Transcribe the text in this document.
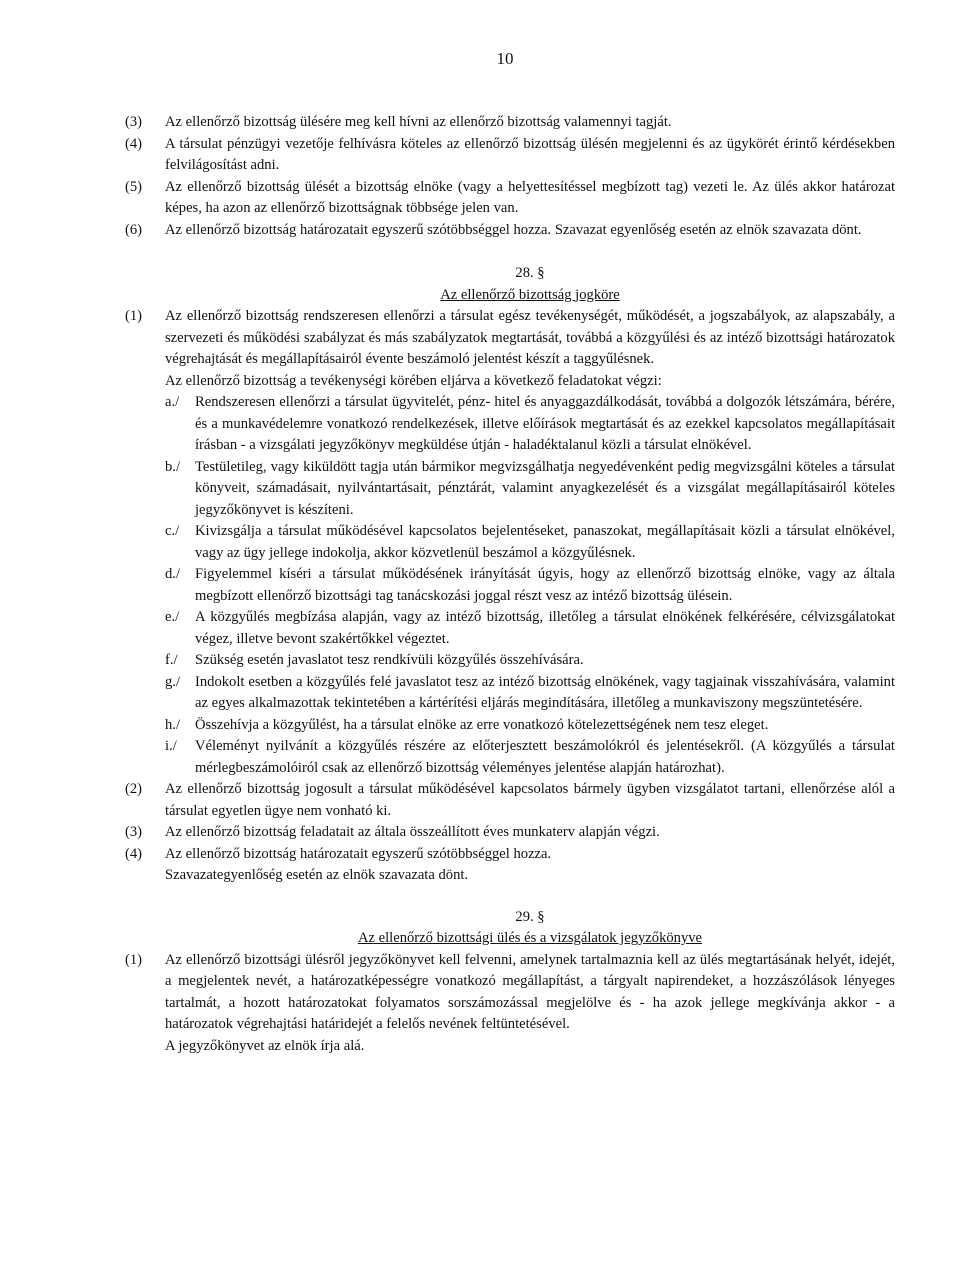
10
(3) Az ellenőrző bizottság ülésére meg kell hívni az ellenőrző bizottság valamennyi tagját.
(4) A társulat pénzügyi vezetője felhívásra köteles az ellenőrző bizottság ülésén megjelenni és az ügykörét érintő kérdésekben felvilágosítást adni.
(5) Az ellenőrző bizottság ülését a bizottság elnöke (vagy a helyettesítéssel megbízott tag) vezeti le. Az ülés akkor határozat képes, ha azon az ellenőrző bizottságnak többsége jelen van.
(6) Az ellenőrző bizottság határozatait egyszerű szótöbbséggel hozza. Szavazat egyenlőség esetén az elnök szavazata dönt.
28. §
Az ellenőrző bizottság jogköre
(1) Az ellenőrző bizottság rendszeresen ellenőrzi a társulat egész tevékenységét, működését, a jogszabályok, az alapszabály, a szervezeti és működési szabályzat és más szabályzatok megtartását, továbbá a közgyűlési és az intéző bizottsági határozatok végrehajtását és megállapításairól évente beszámoló jelentést készít a taggyűlésnek.
Az ellenőrző bizottság a tevékenységi körében eljárva a következő feladatokat végzi:
a./ Rendszeresen ellenőrzi a társulat ügyvitelét, pénz- hitel és anyaggazdálkodását, továbbá a dolgozók létszámára, bérére, és a munkavédelemre vonatkozó rendelkezések, illetve előírások megtartását és az ezekkel kapcsolatos megállapításait írásban - a vizsgálati jegyzőkönyv megküldése útján - haladéktalanul közli a társulat elnökével.
b./ Testületileg, vagy kiküldött tagja után bármikor megvizsgálhatja negyedévenként pedig megvizsgálni köteles a társulat könyveit, számadásait, nyilvántartásait, pénztárát, valamint anyagkezelését és a vizsgálat megállapításairól köteles jegyzőkönyvet is készíteni.
c./ Kivizsgálja a társulat működésével kapcsolatos bejelentéseket, panaszokat, megállapításait közli a társulat elnökével, vagy az ügy jellege indokolja, akkor közvetlenül beszámol a közgyűlésnek.
d./ Figyelemmel kíséri a társulat működésének irányítását úgyis, hogy az ellenőrző bizottság elnöke, vagy az általa megbízott ellenőrző bizottsági tag tanácskozási joggal részt vesz az intéző bizottság ülésein.
e./ A közgyűlés megbízása alapján, vagy az intéző bizottság, illetőleg a társulat elnökének felkérésére, célvizsgálatokat végez, illetve bevont szakértőkkel végeztet.
f./ Szükség esetén javaslatot tesz rendkívüli közgyűlés összehívására.
g./ Indokolt esetben a közgyűlés felé javaslatot tesz az intéző bizottság elnökének, vagy tagjainak visszahívására, valamint az egyes alkalmazottak tekintetében a kártérítési eljárás megindítására, illetőleg a munkaviszony megszüntetésére.
h./ Összehívja a közgyűlést, ha a társulat elnöke az erre vonatkozó kötelezettségének nem tesz eleget.
i./ Véleményt nyilvánít a közgyűlés részére az előterjesztett beszámolókról és jelentésekről. (A közgyűlés a társulat mérlegbeszámolóiról csak az ellenőrző bizottság véleményes jelentése alapján határozhat).
(2) Az ellenőrző bizottság jogosult a társulat működésével kapcsolatos bármely ügyben vizsgálatot tartani, ellenőrzése alól a társulat egyetlen ügye nem vonható ki.
(3) Az ellenőrző bizottság feladatait az általa összeállított éves munkaterv alapján végzi.
(4) Az ellenőrző bizottság határozatait egyszerű szótöbbséggel hozza.
Szavazategyenlőség esetén az elnök szavazata dönt.
29. §
Az ellenőrző bizottsági ülés és a vizsgálatok jegyzőkönyve
(1) Az ellenőrző bizottsági ülésről jegyzőkönyvet kell felvenni, amelynek tartalmaznia kell az ülés megtartásának helyét, idejét, a megjelentek nevét, a határozatképességre vonatkozó megállapítást, a tárgyalt napirendeket, a hozzászólások lényeges tartalmát, a hozott határozatokat folyamatos sorszámozással megjelölve és - ha azok jellege megkívánja akkor - a határozatok végrehajtási határidejét a felelős nevének feltüntetésével.
A jegyzőkönyvet az elnök írja alá.
